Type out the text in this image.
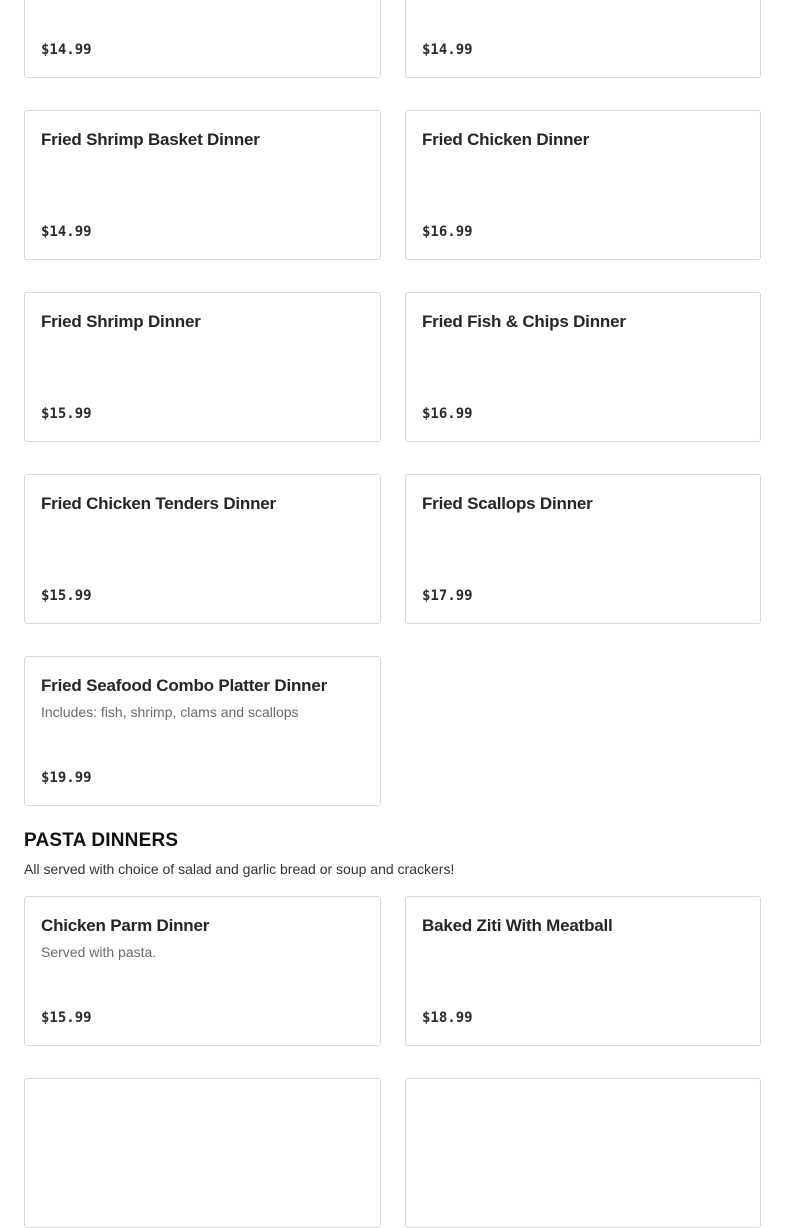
$14.99	$14.99
Fried Shrimp Basket Dinner
$14.99
Fried Chicken Dinner
$16.99
Fried Shrimp Dinner
$15.99
Fried Fish & Chips Dinner
$16.99
Fried Chicken Tenders Dinner
$15.99
Fried Scallops Dinner
$17.99
Fried Seafood Combo Platter Dinner
Includes: fish, shrimp, clams and scallops
$19.99
PASTA DINNERS
All served with choice of salad and garlic bread or soup and crackers!
Chicken Parm Dinner
Served with pasta.
$15.99
Baked Ziti With Meatball
$18.99
